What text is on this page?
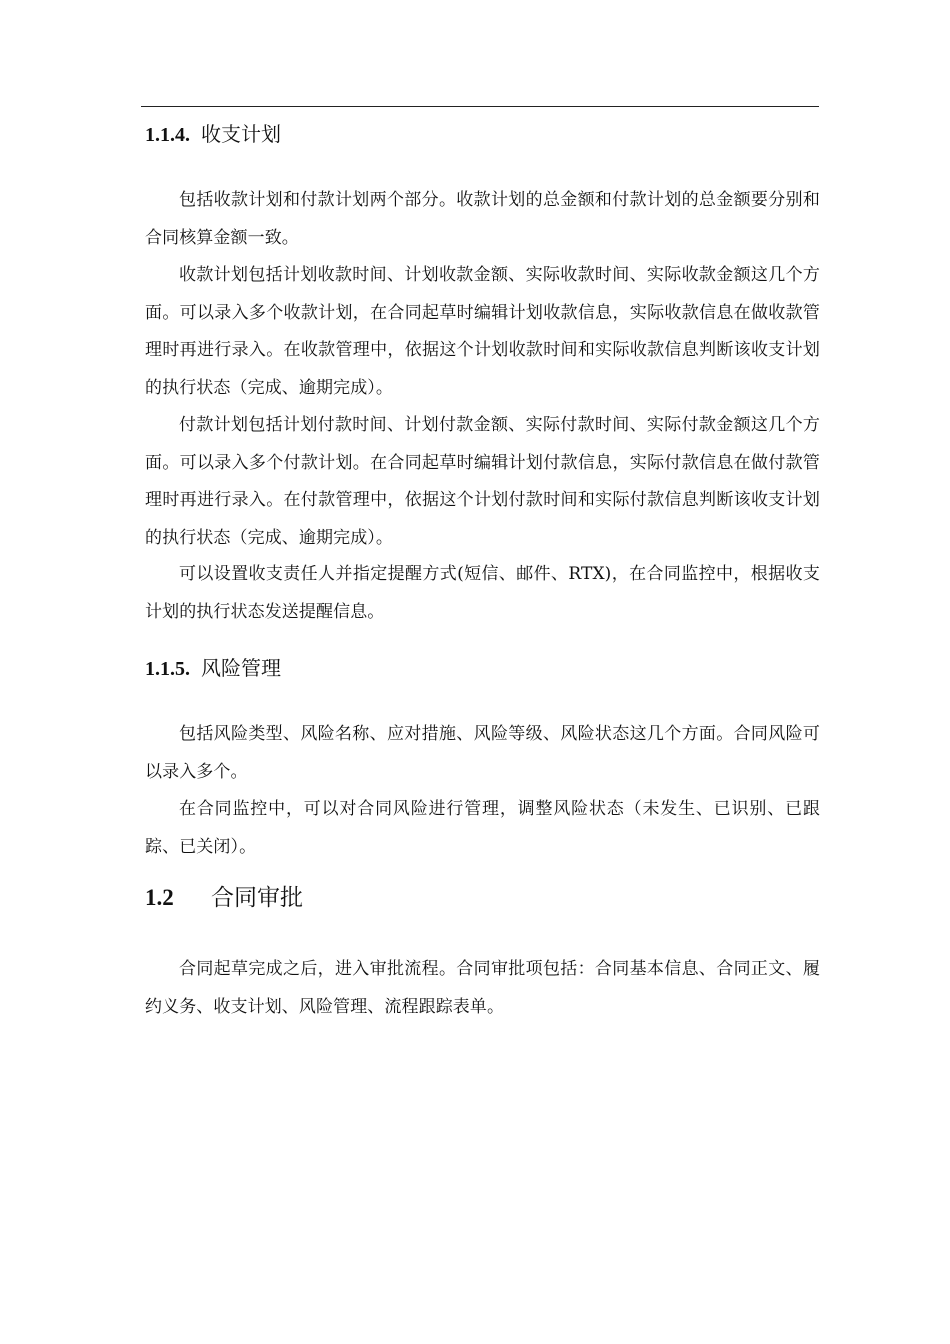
1.1.4. 收支计划

包括收款计划和付款计划两个部分。收款计划的总金额和付款计划的总金额要分别和合同核算金额一致。

收款计划包括计划收款时间、计划收款金额、实际收款时间、实际收款金额这几个方面。可以录入多个收款计划，在合同起草时编辑计划收款信息，实际收款信息在做收款管理时再进行录入。在收款管理中，依据这个计划收款时间和实际收款信息判断该收支计划的执行状态（完成、逾期完成）。

付款计划包括计划付款时间、计划付款金额、实际付款时间、实际付款金额这几个方面。可以录入多个付款计划。在合同起草时编辑计划付款信息，实际付款信息在做付款管理时再进行录入。在付款管理中，依据这个计划付款时间和实际付款信息判断该收支计划的执行状态（完成、逾期完成）。

可以设置收支责任人并指定提醒方式(短信、邮件、RTX)，在合同监控中，根据收支计划的执行状态发送提醒信息。

1.1.5. 风险管理

包括风险类型、风险名称、应对措施、风险等级、风险状态这几个方面。合同风险可以录入多个。

在合同监控中，可以对合同风险进行管理，调整风险状态（未发生、已识别、已跟踪、已关闭）。

1.2 合同审批

合同起草完成之后，进入审批流程。合同审批项包括：合同基本信息、合同正文、履约义务、收支计划、风险管理、流程跟踪表单。
